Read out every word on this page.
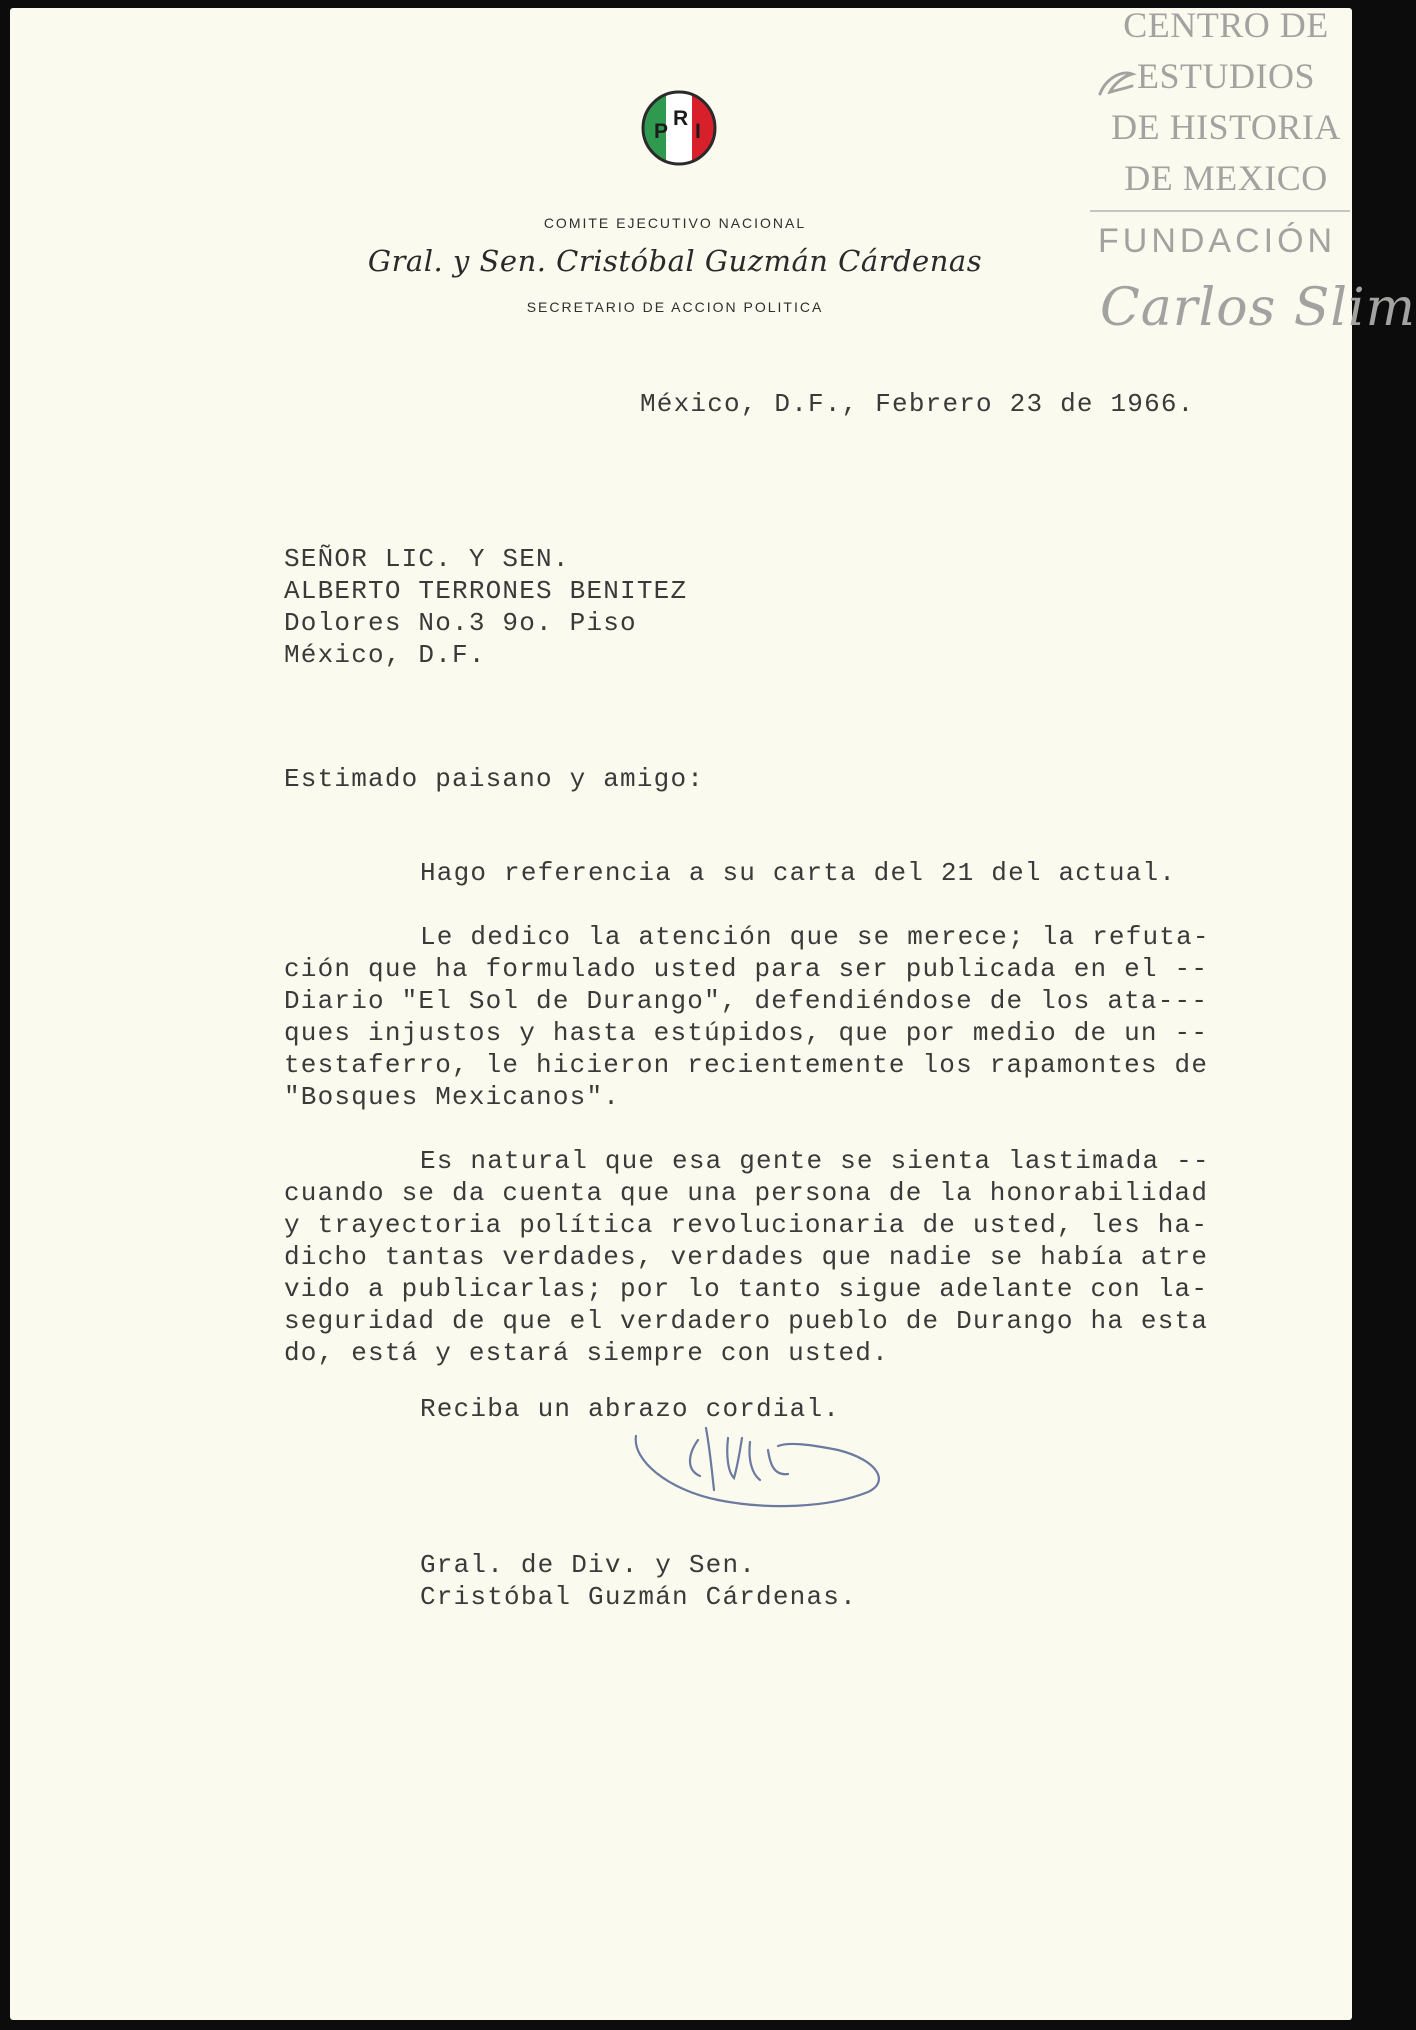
CENTRO DE
ESTUDIOS
DE HISTORIA
DE MEXICO
FUNDACIÓN
Carlos Slim
P
R
I
COMITE EJECUTIVO NACIONAL
Gral. y Sen. Cristóbal Guzmán Cárdenas
SECRETARIO DE ACCION POLITICA
México, D.F., Febrero 23 de 1966.
SEÑOR LIC. Y SEN.
ALBERTO TERRONES BENITEZ
Dolores No.3 9o. Piso
México, D.F.
Estimado paisano y amigo:
Hago referencia a su carta del 21 del actual.
Le dedico la atención que se merece; la refuta-
ción que ha formulado usted para ser publicada en el --
Diario "El Sol de Durango", defendiéndose de los ata---
ques injustos y hasta estúpidos, que por medio de un --
testaferro, le hicieron recientemente los rapamontes de
"Bosques Mexicanos".
Es natural que esa gente se sienta lastimada --
cuando se da cuenta que una persona de la honorabilidad
y trayectoria política revolucionaria de usted, les ha-
dicho tantas verdades, verdades que nadie se había atre
vido a publicarlas; por lo tanto sigue adelante con la-
seguridad de que el verdadero pueblo de Durango ha esta
do, está y estará siempre con usted.
Reciba un abrazo cordial.
Gral. de Div. y Sen.
Cristóbal Guzmán Cárdenas.
